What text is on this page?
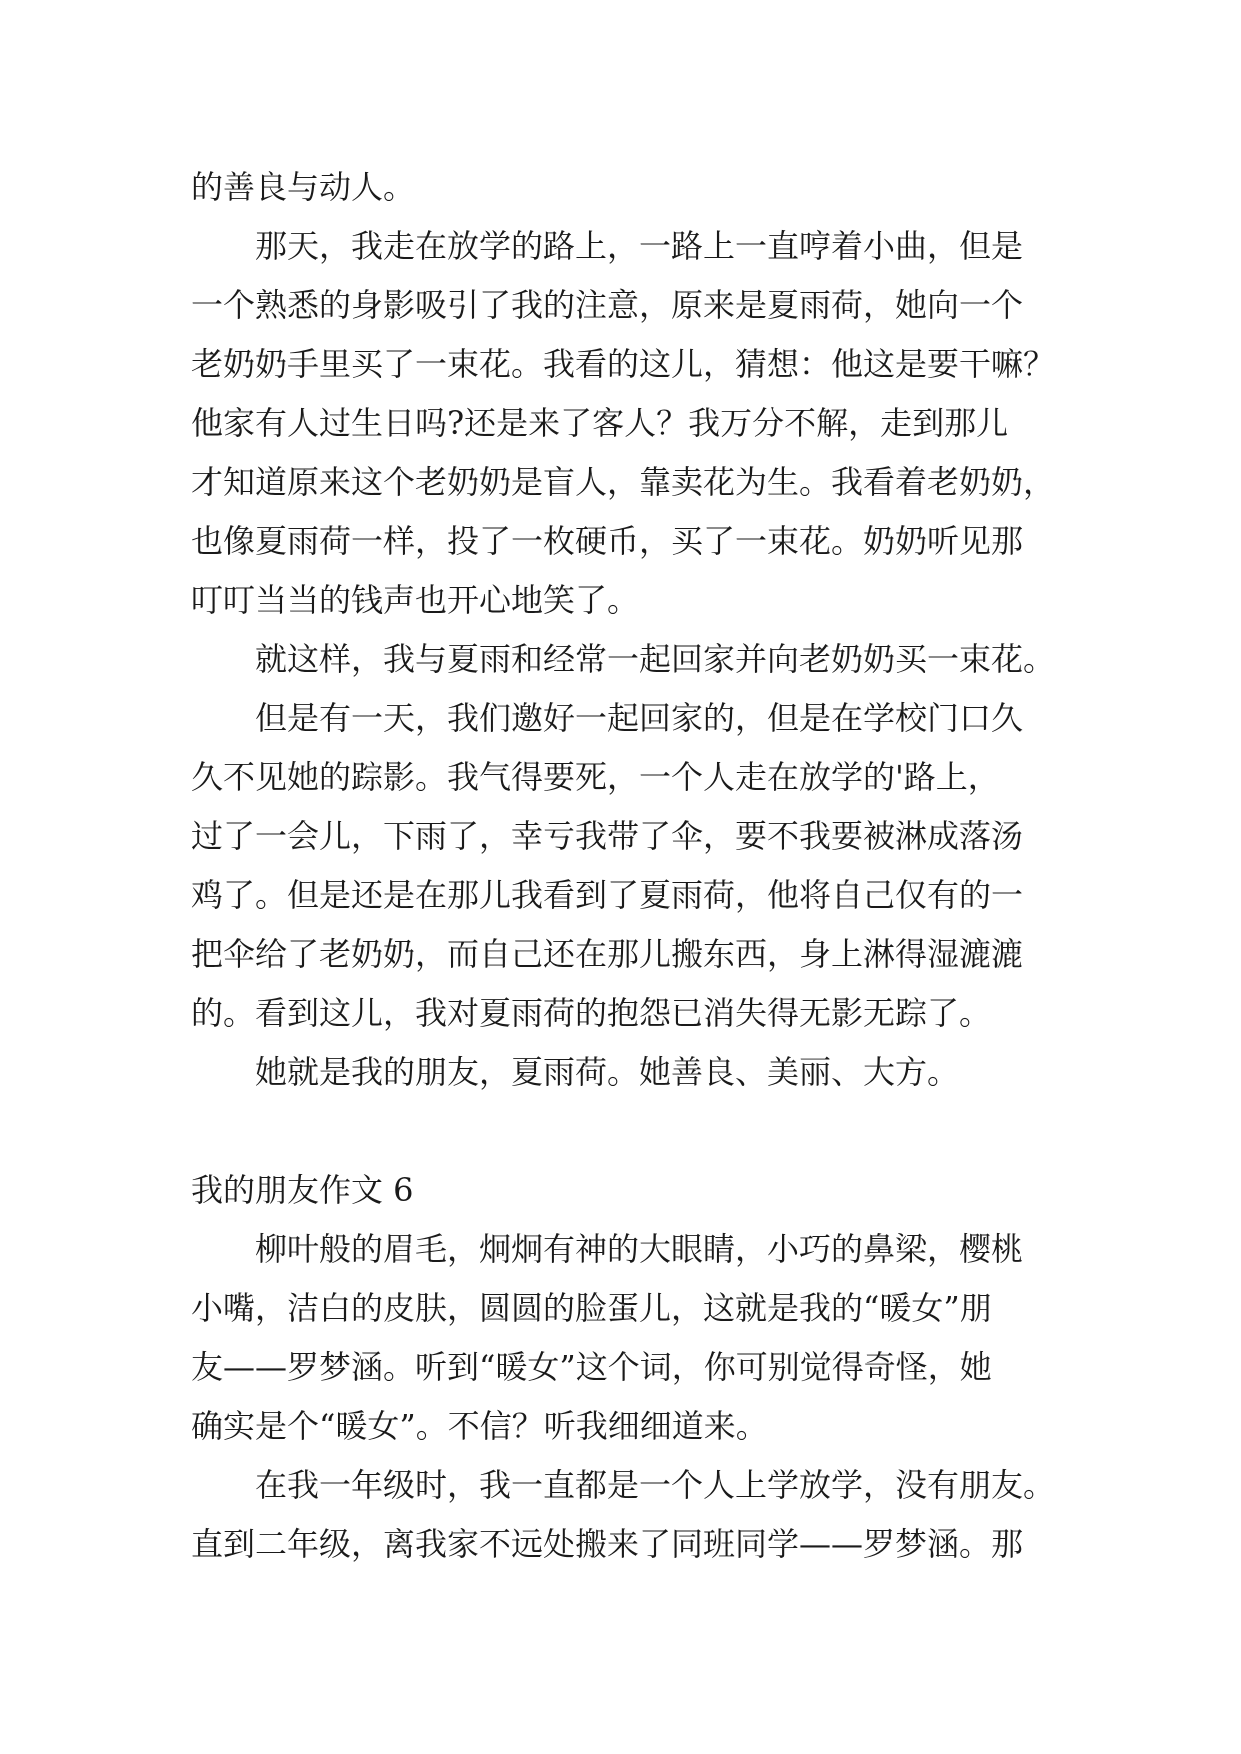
的善良与动人。
那天，我走在放学的路上，一路上一直哼着小曲，但是
一个熟悉的身影吸引了我的注意，原来是夏雨荷，她向一个
老奶奶手里买了一束花。我看的这儿，猜想：他这是要干嘛？
他家有人过生日吗?还是来了客人？我万分不解，走到那儿
才知道原来这个老奶奶是盲人，靠卖花为生。我看着老奶奶，
也像夏雨荷一样，投了一枚硬币，买了一束花。奶奶听见那
叮叮当当的钱声也开心地笑了。
就这样，我与夏雨和经常一起回家并向老奶奶买一束花。
但是有一天，我们邀好一起回家的，但是在学校门口久
久不见她的踪影。我气得要死，一个人走在放学的'路上，
过了一会儿，下雨了，幸亏我带了伞，要不我要被淋成落汤
鸡了。但是还是在那儿我看到了夏雨荷，他将自己仅有的一
把伞给了老奶奶，而自己还在那儿搬东西，身上淋得湿漉漉
的。看到这儿，我对夏雨荷的抱怨已消失得无影无踪了。
她就是我的朋友，夏雨荷。她善良、美丽、大方。
我的朋友作文 6
柳叶般的眉毛，炯炯有神的大眼睛，小巧的鼻梁，樱桃
小嘴，洁白的皮肤，圆圆的脸蛋儿，这就是我的“暖女”朋
友——罗梦涵。听到“暖女”这个词，你可别觉得奇怪，她
确实是个“暖女”。不信？听我细细道来。
在我一年级时，我一直都是一个人上学放学，没有朋友。
直到二年级，离我家不远处搬来了同班同学——罗梦涵。那
